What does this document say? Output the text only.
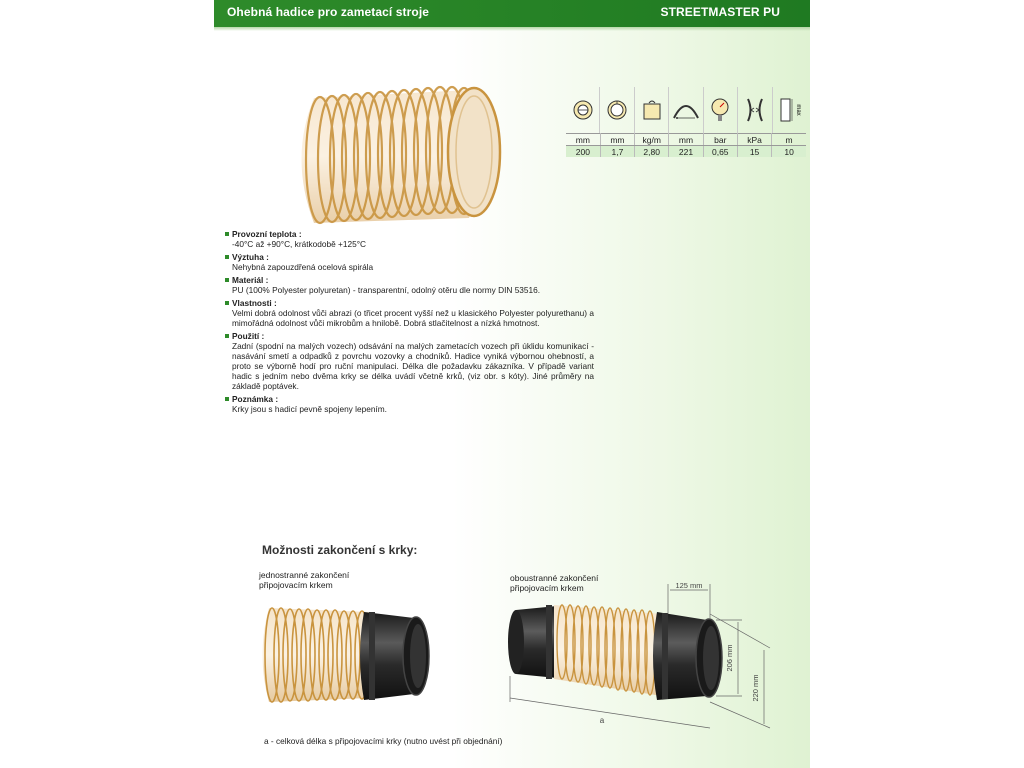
Ohebná hadice pro zametací stroje	STREETMASTER PU
max
mm	mm	kg/m	mm	bar	kPa	m
200	1,7	2,80	221	0,65	15	10
Provozní teplota :
-40°C až +90°C, krátkodobě +125°C
Výztuha :
Nehybná zapouzdřená ocelová spirála
Materiál :
PU (100% Polyester polyuretan) - transparentní, odolný otěru dle normy DIN 53516.
Vlastnosti :
Velmi dobrá odolnost vůči abrazi (o třicet procent vyšší než u klasického Polyester polyurethanu) a mimořádná odolnost vůči mikrobům a hnilobě. Dobrá stlačitelnost a nízká hmotnost.
Použití :
Zadní (spodní na malých vozech) odsávání na malých zametacích vozech při úklidu komunikací - nasávání smetí a odpadků z povrchu vozovky a chodníků. Hadice vyniká výbornou ohebností, a proto se výborně hodí pro ruční manipulaci. Délka dle požadavku zákazníka. V případě variant hadic s jedním nebo dvěma krky se délka uvádí včetně krků, (viz obr. s kóty). Jiné průměry na základě poptávek.
Poznámka :
Krky jsou s hadicí pevně spojeny lepením.
Možnosti zakončení s krky:
jednostranné zakončení připojovacím krkem
oboustranné zakončení připojovacím krkem	125 mm
206 mm
220 mm
a
a - celková délka s připojovacími krky (nutno uvést při objednání)
